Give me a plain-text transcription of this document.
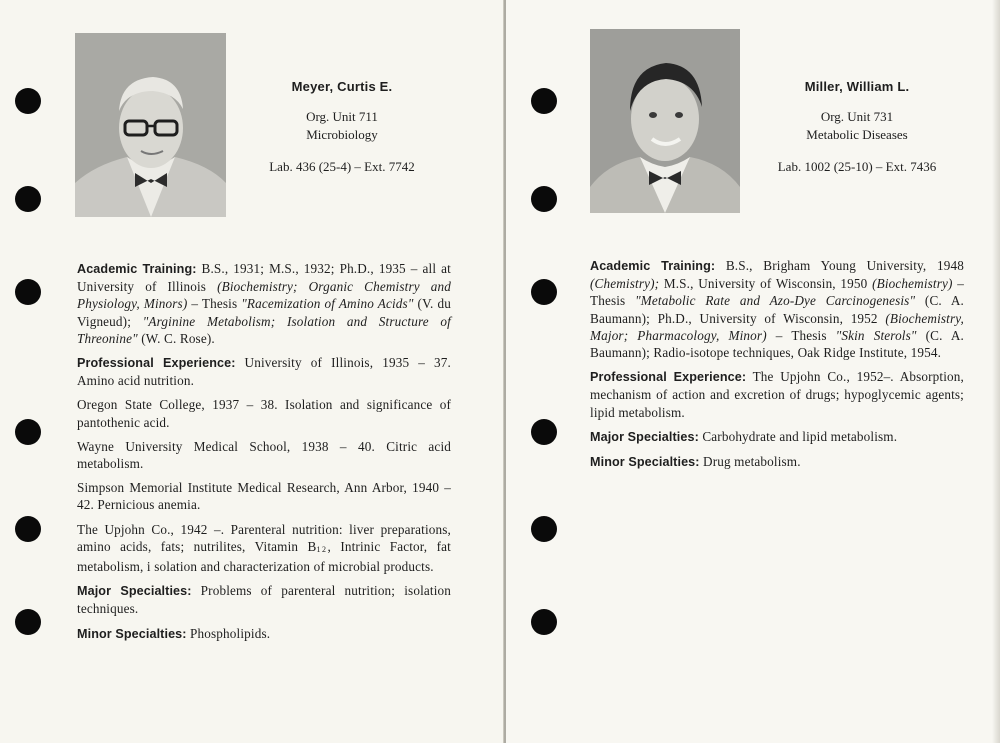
Meyer, Curtis E.
Org. Unit 711
Microbiology
Lab. 436 (25-4) – Ext. 7742

Academic Training: B.S., 1931; M.S., 1932; Ph.D., 1935 – all at University of Illinois (Biochemistry; Organic Chemistry and Physiology, Minors) – Thesis "Racemization of Amino Acids" (V. du Vigneud); "Arginine Metabolism; Isolation and Structure of Threonine" (W. C. Rose).

Professional Experience: University of Illinois, 1935 – 37. Amino acid nutrition.

Oregon State College, 1937 – 38. Isolation and significance of pantothenic acid.

Wayne University Medical School, 1938 – 40. Citric acid metabolism.

Simpson Memorial Institute Medical Research, Ann Arbor, 1940 – 42. Pernicious anemia.

The Upjohn Co., 1942 –. Parenteral nutrition: liver preparations, amino acids, fats; nutrilites, Vitamin $B_{12}$, Intrinic Factor, fat metabolism, i solation and characterization of microbial products.

Major Specialties: Problems of parenteral nutrition; isolation techniques.

Minor Specialties: Phospholipids.

Miller, William L.
Org. Unit 731
Metabolic Diseases
Lab. 1002 (25-10) – Ext. 7436

Academic Training: B.S., Brigham Young University, 1948 (Chemistry); M.S., University of Wisconsin, 1950 (Biochemistry) – Thesis "Metabolic Rate and Azo-Dye Carcinogenesis" (C. A. Baumann); Ph.D., University of Wisconsin, 1952 (Biochemistry, Major; Pharmacology, Minor) – Thesis "Skin Sterols" (C. A. Baumann); Radio-isotope techniques, Oak Ridge Institute, 1954.

Professional Experience: The Upjohn Co., 1952–. Absorption, mechanism of action and excretion of drugs; hypoglycemic agents; lipid metabolism.

Major Specialties: Carbohydrate and lipid metabolism.

Minor Specialties: Drug metabolism.
